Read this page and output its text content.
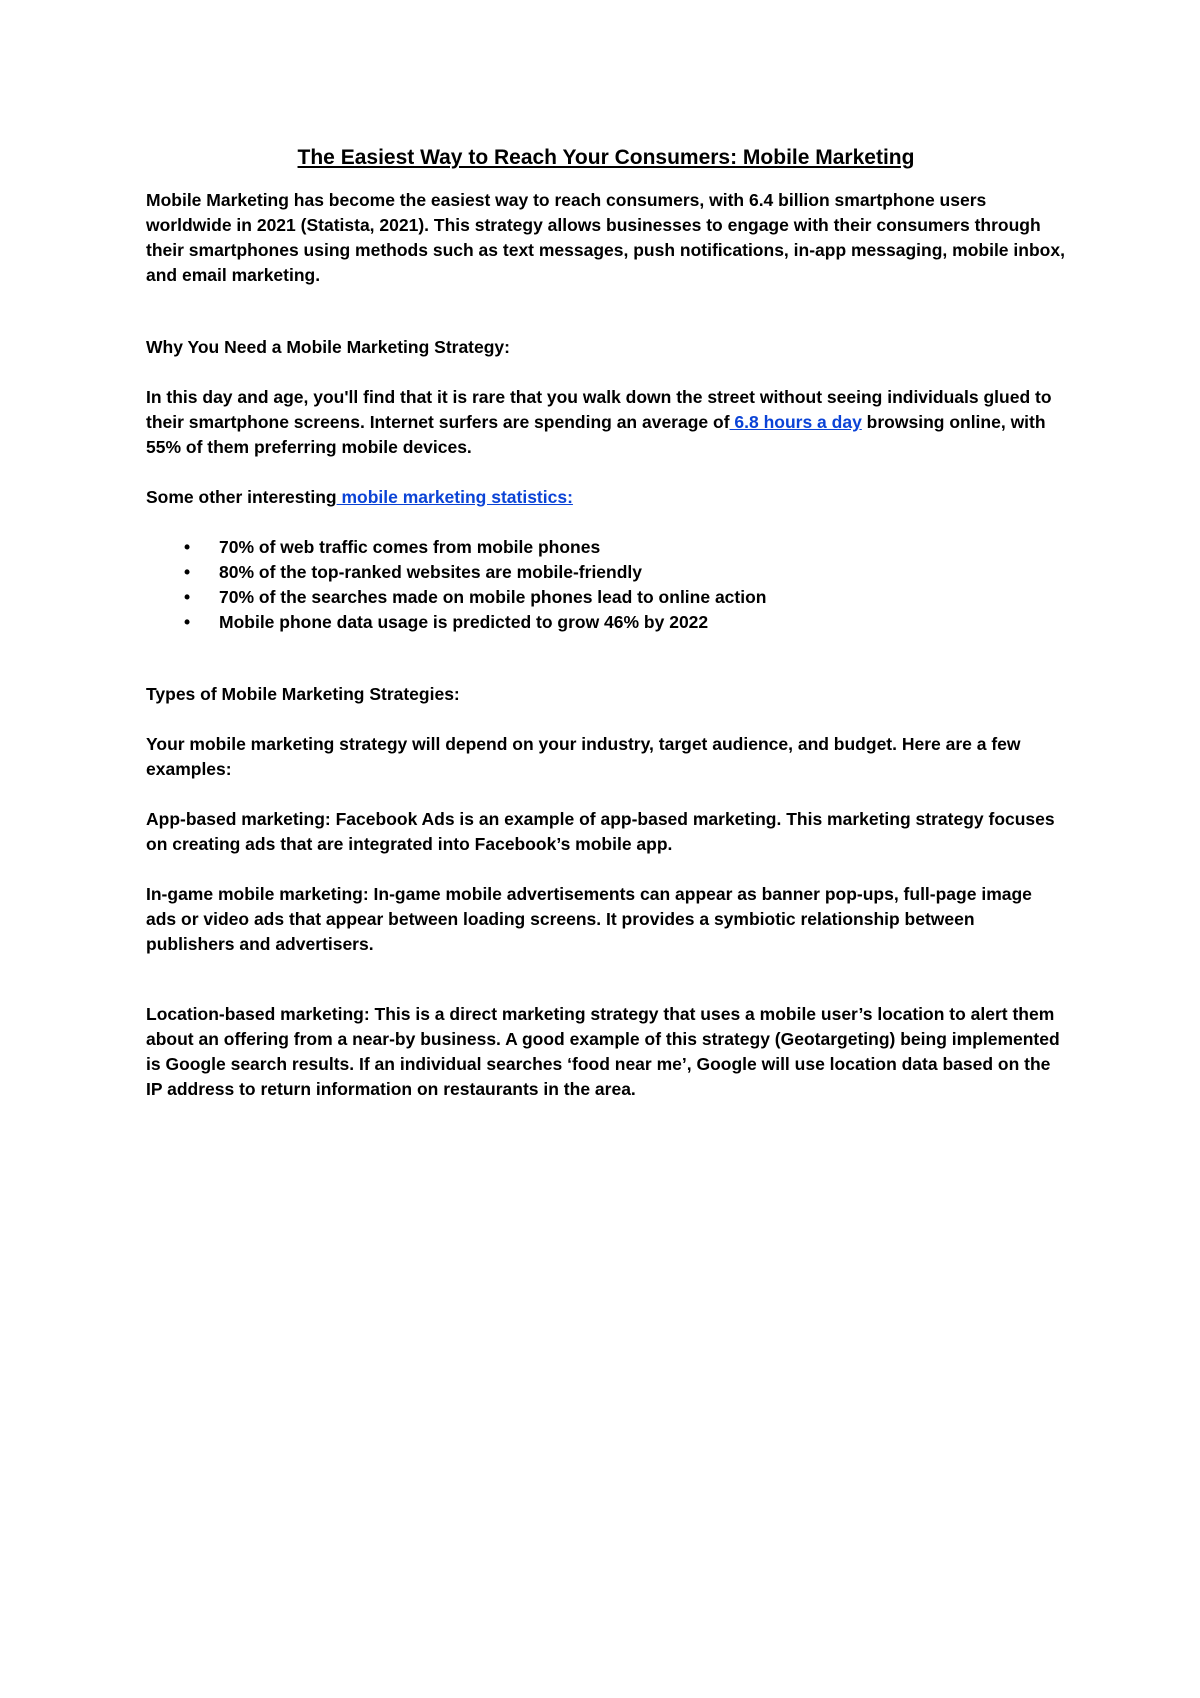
The Easiest Way to Reach Your Consumers: Mobile Marketing

Mobile Marketing has become the easiest way to reach consumers, with 6.4 billion smartphone users worldwide in 2021 (Statista, 2021). This strategy allows businesses to engage with their consumers through their smartphones using methods such as text messages, push notifications, in-app messaging, mobile inbox, and email marketing.

Why You Need a Mobile Marketing Strategy:

In this day and age, you'll find that it is rare that you walk down the street without seeing individuals glued to their smartphone screens. Internet surfers are spending an average of 6.8 hours a day browsing online, with 55% of them preferring mobile devices.

Some other interesting mobile marketing statistics:

• 70% of web traffic comes from mobile phones
• 80% of the top-ranked websites are mobile-friendly
• 70% of the searches made on mobile phones lead to online action
• Mobile phone data usage is predicted to grow 46% by 2022

Types of Mobile Marketing Strategies:

Your mobile marketing strategy will depend on your industry, target audience, and budget. Here are a few examples:

App-based marketing: Facebook Ads is an example of app-based marketing. This marketing strategy focuses on creating ads that are integrated into Facebook’s mobile app.

In-game mobile marketing: In-game mobile advertisements can appear as banner pop-ups, full-page image ads or video ads that appear between loading screens. It provides a symbiotic relationship between publishers and advertisers.

Location-based marketing: This is a direct marketing strategy that uses a mobile user’s location to alert them about an offering from a near-by business. A good example of this strategy (Geotargeting) being implemented is Google search results. If an individual searches ‘food near me’, Google will use location data based on the IP address to return information on restaurants in the area.
